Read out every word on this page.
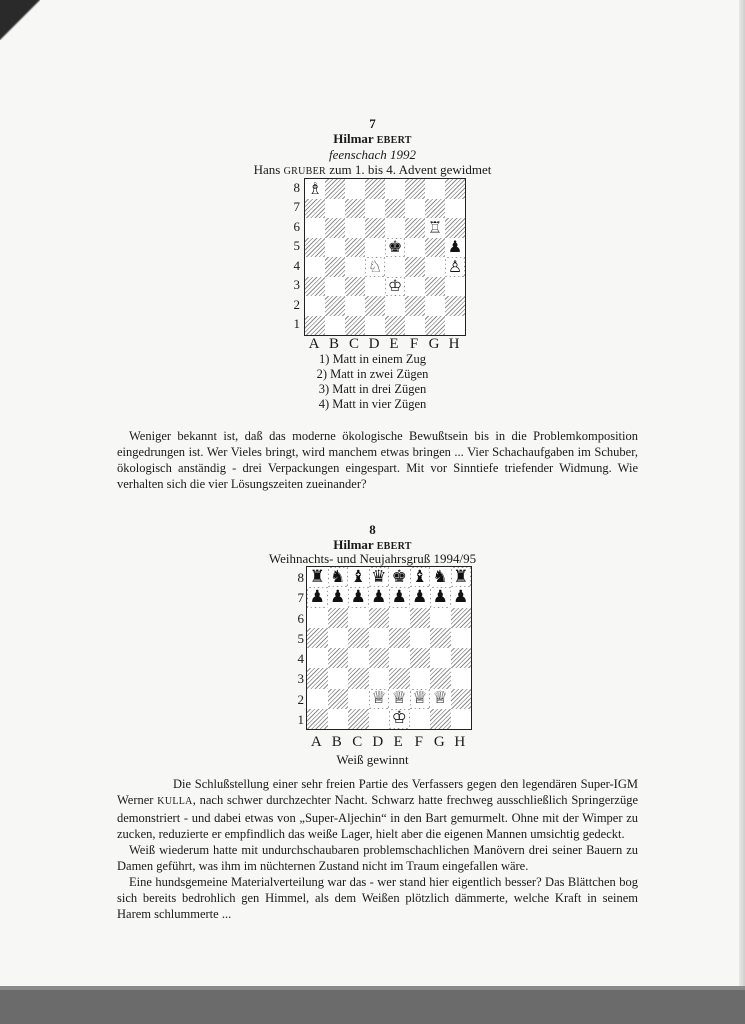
7
Hilmar EBERT
feenschach 1992
Hans GRUBER zum 1. bis 4. Advent gewidmet
8
7
6
5
4
3
2
1
♗
♖
♚	♟
♘	♙
♔
A B C D E F G H
1) Matt in einem Zug
2) Matt in zwei Zügen
3) Matt in drei Zügen
4) Matt in vier Zügen

Weniger bekannt ist, daß das moderne ökologische Bewußtsein bis in die Problemkomposition eingedrungen ist. Wer Vieles bringt, wird manchem etwas bringen ... Vier Schachaufgaben im Schuber, ökologisch anständig - drei Verpackungen eingespart. Mit vor Sinntiefe triefender Widmung. Wie verhalten sich die vier Lösungszeiten zueinander?

8
Hilmar EBERT
Weihnachts- und Neujahrsgruß 1994/95
8
7
6
5
4
3
2
1
♜ ♞ ♝ ♛ ♚ ♝ ♞ ♜
♟ ♟ ♟ ♟ ♟ ♟ ♟ ♟
♕ ♕ ♕ ♕
♔
A B C D E F G H
Weiß gewinnt

Die Schlußstellung einer sehr freien Partie des Verfassers gegen den legendären Super-IGM Werner KULLA, nach schwer durchzechter Nacht. Schwarz hatte frechweg ausschließlich Springerzüge demonstriert - und dabei etwas von „Super-Aljechin“ in den Bart gemurmelt. Ohne mit der Wimper zu zucken, reduzierte er empfindlich das weiße Lager, hielt aber die eigenen Mannen umsichtig gedeckt.

Weiß wiederum hatte mit undurchschaubaren problemschachlichen Manövern drei seiner Bauern zu Damen geführt, was ihm im nüchternen Zustand nicht im Traum eingefallen wäre.

Eine hundsgemeine Materialverteilung war das - wer stand hier eigentlich besser? Das Blättchen bog sich bereits bedrohlich gen Himmel, als dem Weißen plötzlich dämmerte, welche Kraft in seinem Harem schlummerte ...
